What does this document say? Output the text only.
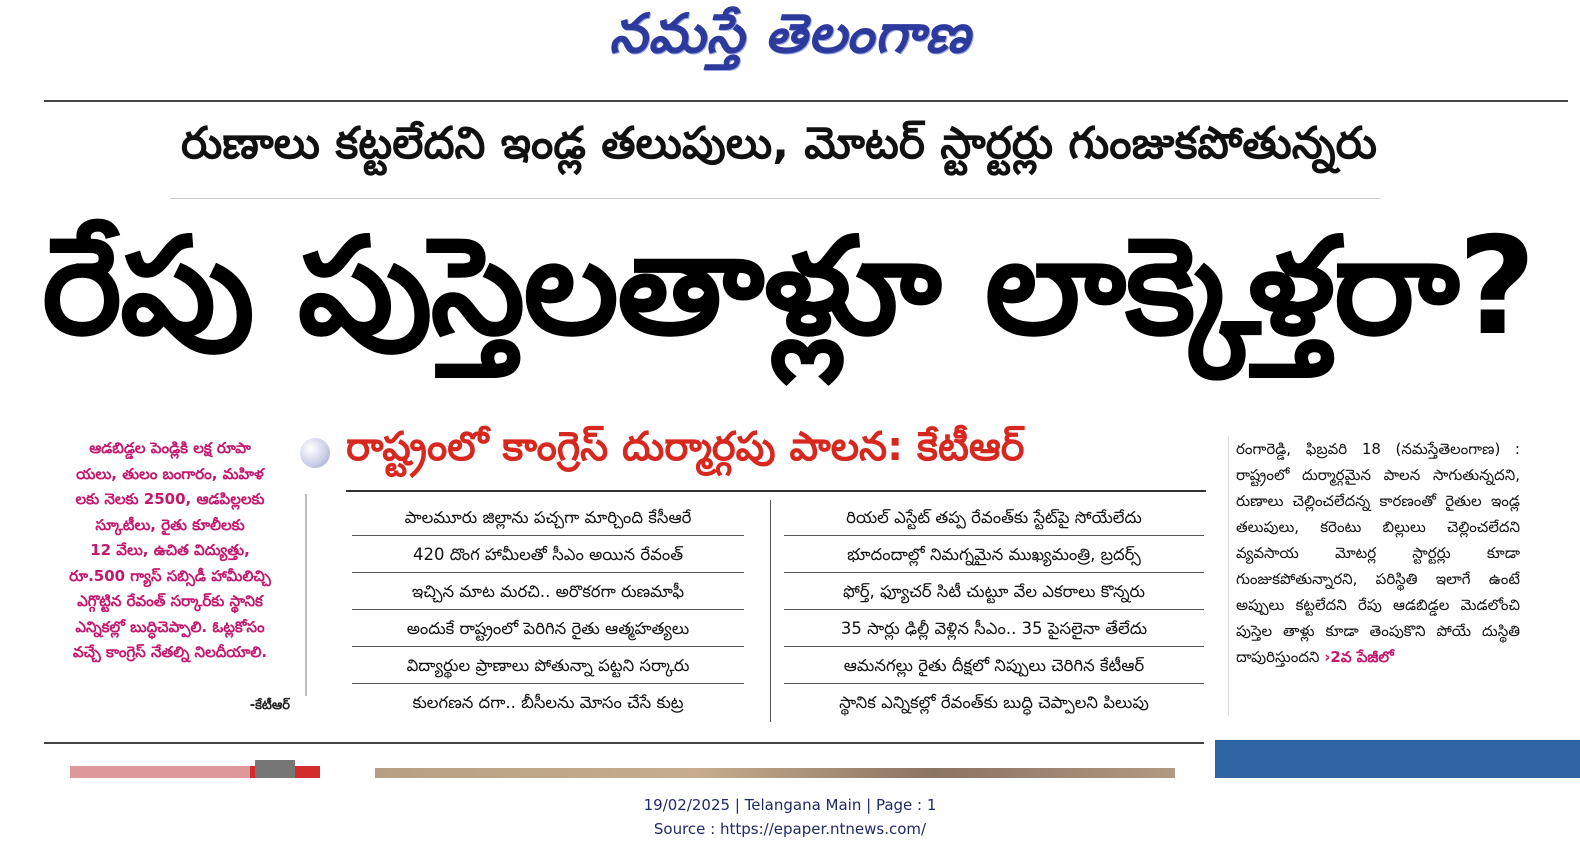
నమస్తే తెలంగాణ
రుణాలు కట్టలేదని ఇండ్ల తలుపులు, మోటర్ స్టార్టర్లు గుంజుకపోతున్నరు
రేపు పుస్తెలతాళ్లూ లాక్కెళ్తరా?
ఆడబిడ్డల పెండ్లికి లక్ష రూపా
యలు, తులం బంగారం, మహిళ
లకు నెలకు 2500, ఆడపిల్లలకు
స్కూటీలు, రైతు కూలీలకు
12 వేలు, ఉచిత విద్యుత్తు,
రూ.500 గ్యాస్ సబ్సిడీ హామీలిచ్చి
ఎగ్గొట్టిన రేవంత్ సర్కార్‌కు స్థానిక
ఎన్నికల్లో బుద్ధిచెప్పాలి. ఓట్లకోసం
వచ్చే కాంగ్రెస్ నేతల్ని నిలదీయాలి.
-కేటీఆర్
రాష్ట్రంలో కాంగ్రెస్ దుర్మార్గపు పాలన: కేటీఆర్
పాలమూరు జిల్లాను పచ్చగా మార్చింది కేసీఆరే
420 దొంగ హామీలతో సీఎం అయిన రేవంత్
ఇచ్చిన మాట మరచి.. అరొకరగా రుణమాఫీ
అందుకే రాష్ట్రంలో పెరిగిన రైతు ఆత్మహత్యలు
విద్యార్థుల ప్రాణాలు పోతున్నా పట్టని సర్కారు
కులగణన దగా.. బీసీలను మోసం చేసే కుట్ర
రియల్ ఎస్టేట్ తప్ప రేవంత్‌కు స్టేట్‌పై సోయేలేదు
భూదందాల్లో నిమగ్నమైన ముఖ్యమంత్రి, బ్రదర్స్
ఫోర్త్, ఫ్యూచర్ సిటీ చుట్టూ వేల ఎకరాలు కొన్నరు
35 సార్లు ఢిల్లీ వెళ్లిన సీఎం.. 35 పైసలైనా తేలేదు
ఆమనగల్లు రైతు దీక్షలో నిప్పులు చెరిగిన కేటీఆర్
స్థానిక ఎన్నికల్లో రేవంత్‌కు బుద్ధి చెప్పాలని పిలుపు
రంగారెడ్డి, ఫిబ్రవరి 18 (నమస్తేతెలంగాణ) : రాష్ట్రంలో దుర్మార్గమైన పాలన సాగుతున్నదని, రుణాలు చెల్లించలేదన్న కారణంతో రైతుల ఇండ్ల తలుపులు, కరెంటు బిల్లులు చెల్లించలేదని వ్యవసాయ మోటర్ల స్టార్టర్లు కూడా గుంజుకపోతున్నారని, పరిస్థితి ఇలాగే ఉంటే అప్పులు కట్టలేదని రేపు ఆడబిడ్డల మెడలోంచి పుస్తెల తాళ్లు కూడా తెంపుకొని పోయే దుస్థితి దాపురిస్తుందని ›2వ పేజీలో
19/02/2025 | Telangana Main | Page : 1
Source : https://epaper.ntnews.com/
